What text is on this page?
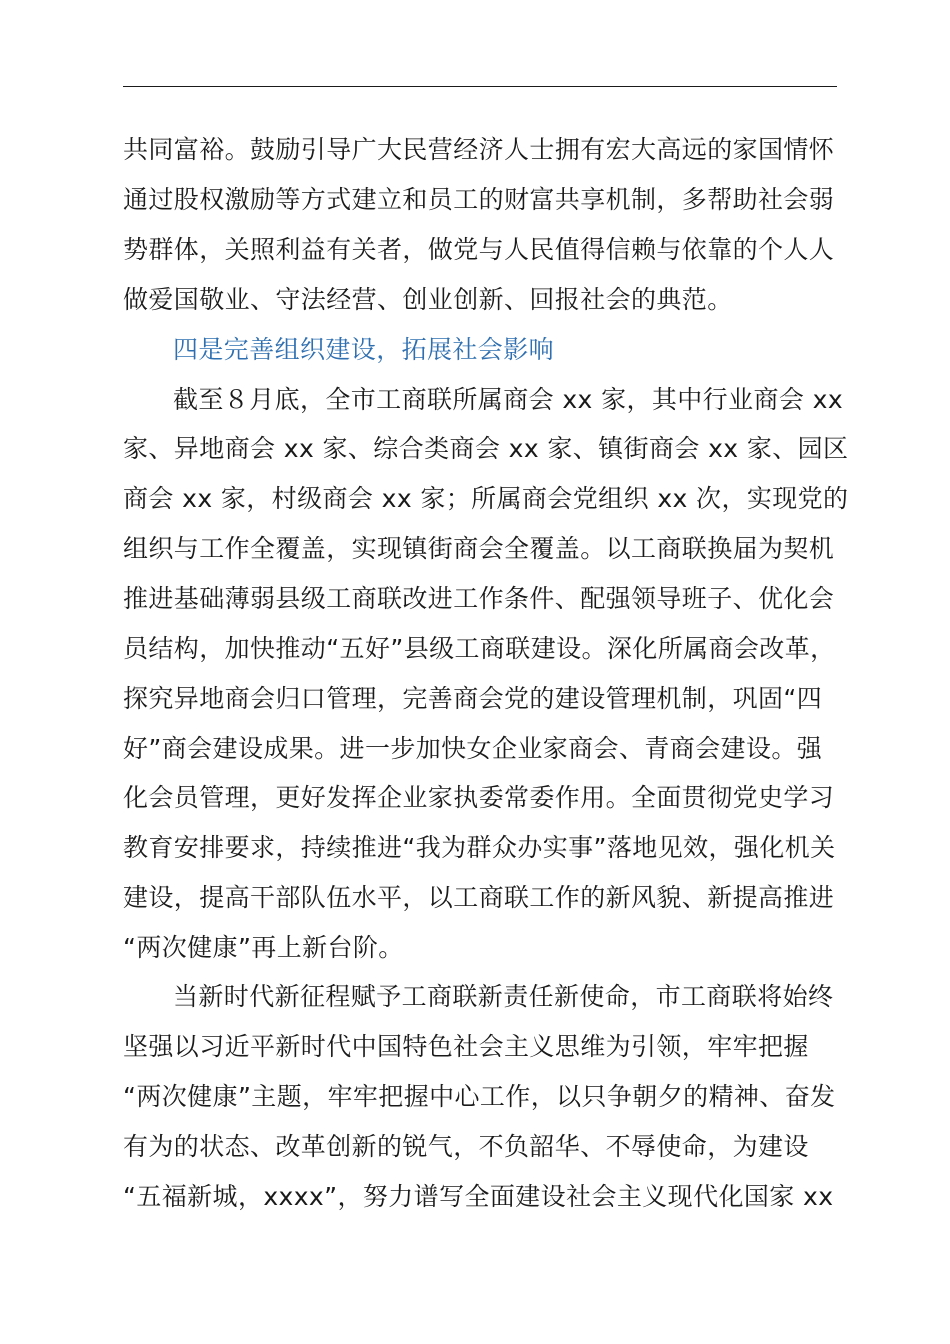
共同富裕。鼓励引导广大民营经济人士拥有宏大高远的家国情怀
通过股权激励等方式建立和员工的财富共享机制，多帮助社会弱
势群体，关照利益有关者，做党与人民值得信赖与依靠的个人人
做爱国敬业、守法经营、创业创新、回报社会的典范。
四是完善组织建设，拓展社会影响
截至８月底，全市工商联所属商会 xx 家，其中行业商会 xx
家、异地商会 xx 家、综合类商会 xx 家、镇街商会 xx 家、园区
商会 xx 家，村级商会 xx 家；所属商会党组织 xx 次，实现党的
组织与工作全覆盖，实现镇街商会全覆盖。以工商联换届为契机
推进基础薄弱县级工商联改进工作条件、配强领导班子、优化会
员结构，加快推动“五好”县级工商联建设。深化所属商会改革，
探究异地商会归口管理，完善商会党的建设管理机制，巩固“四
好”商会建设成果。进一步加快女企业家商会、青商会建设。强
化会员管理，更好发挥企业家执委常委作用。全面贯彻党史学习
教育安排要求，持续推进“我为群众办实事”落地见效，强化机关
建设，提高干部队伍水平，以工商联工作的新风貌、新提高推进
“两次健康”再上新台阶。
当新时代新征程赋予工商联新责任新使命，市工商联将始终
坚强以习近平新时代中国特色社会主义思维为引领，牢牢把握
“两次健康”主题，牢牢把握中心工作，以只争朝夕的精神、奋发
有为的状态、改革创新的锐气，不负韶华、不辱使命，为建设
“五福新城，xxxx”，努力谱写全面建设社会主义现代化国家 xx
